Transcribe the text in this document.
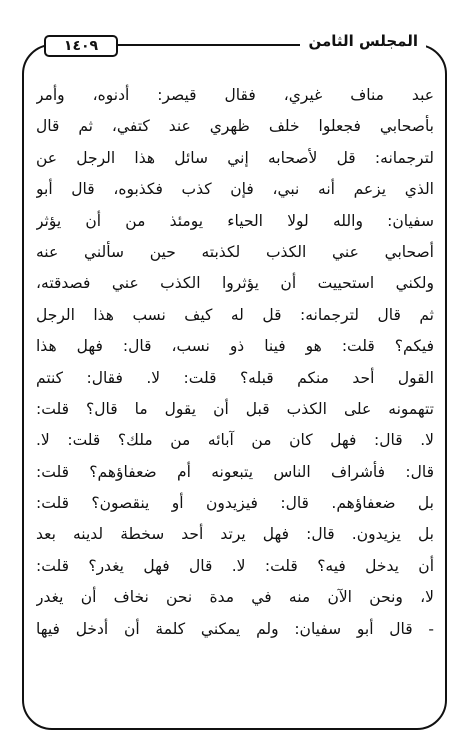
المجلس الثامن
١٤٠٩
عبد مناف غيري، فقال قيصر: أدنوه، وأمر
بأصحابي فجعلوا خلف ظهري عند كتفي، ثم قال
لترجمانه: قل لأصحابه إني سائل هذا الرجل عن
الذي يزعم أنه نبي، فإن كذب فكذبوه، قال أبو
سفيان: والله لولا الحياء يومئذ من أن يؤثر
أصحابي عني الكذب لكذبته حين سألني عنه
ولكني استحييت أن يؤثروا الكذب عني فصدقته،
ثم قال لترجمانه: قل له كيف نسب هذا الرجل
فيكم؟ قلت: هو فينا ذو نسب، قال: فهل هذا
القول أحد منكم قبله؟ قلت: لا. فقال: كنتم
تتهمونه على الكذب قبل أن يقول ما قال؟ قلت:
لا. قال: فهل كان من آبائه من ملك؟ قلت: لا.
قال: فأشراف الناس يتبعونه أم ضعفاؤهم؟ قلت:
بل ضعفاؤهم. قال: فيزيدون أو ينقصون؟ قلت:
بل يزيدون. قال: فهل يرتد أحد سخطة لدينه بعد
أن يدخل فيه؟ قلت: لا. قال فهل يغدر؟ قلت:
لا، ونحن الآن منه في مدة نحن نخاف أن يغدر
- قال أبو سفيان: ولم يمكني كلمة أن أدخل فيها
